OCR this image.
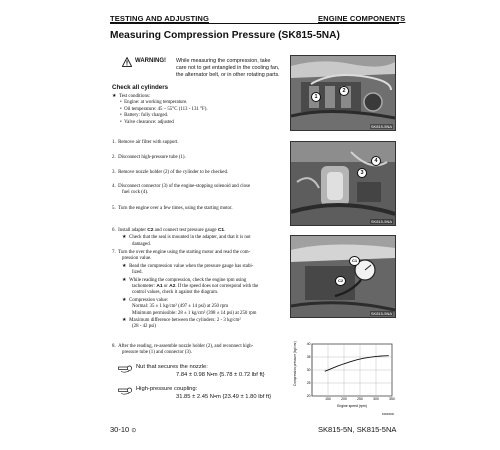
TESTING AND ADJUSTING	ENGINE COMPONENTS
Measuring Compression Pressure (SK815-5NA)
WARNING! While measuring the compression, take
care not to get entangled in the cooling fan,
the alternator belt, or in other rotating parts.
Check all cylinders
★ Test conditions:
• Engine: at working temperature.
• Oil temperature: 45 – 55°C (113 - 131 °F).
• Battery: fully charged.
• Valve clearance: adjusted
1. Remove air filter with support.
2. Disconnect high-pressure tube (1).
3. Remove nozzle holder (2) of the cylinder to be checked.
4. Disconnect connector (3) of the engine-stopping solenoid and close
fuel cock (4).
5. Turn the engine over a few times, using the starting motor.
6. Install adapter C2 and connect test pressure gauge C1.
★ Check that the seal is mounted in the adapter, and that it is not
damaged.
7. Turn the over the engine using the starting motor and read the com-
pression value.
★ Read the compression value when the pressure gauge has stabi-
lized.
★ While reading the compression, check the engine rpm using
tachometer: A1 or A2. If the speed does not correspond with the
control values, check it against the diagram.
★ Compression value:
Normal: 35 ± 1 kg/cm² (497 ± 14 psi) at 250 rpm
Minimum permissible: 28 ± 1 kg/cm² (398 ± 14 psi) at 250 rpm
★ Maximum difference between the cylinders: 2 - 3 kg/cm²
(28 - 42 psi)
8. After the reading, re-assemble nozzle holder (2), and reconnect high-
pressure tube (1) and connector (3).
Nut that secures the nozzle:
7.84 ± 0.98 N•m {5.78 ± 0.72 lbf ft}
High-pressure coupling:
31.85 ± 2.45 N•m {23.49 ± 1.80 lbf ft}
1
2
SK815-5NA
3
4
SK815-5NA
C1
C2
SK815-5NA
Compression pressure (kg/cm²)	40
35
30
25
20
150	200	250	300	350
Engine speed (rpm)
D0000000
30-10 ⊙	SK815-5N, SK815-5NA
